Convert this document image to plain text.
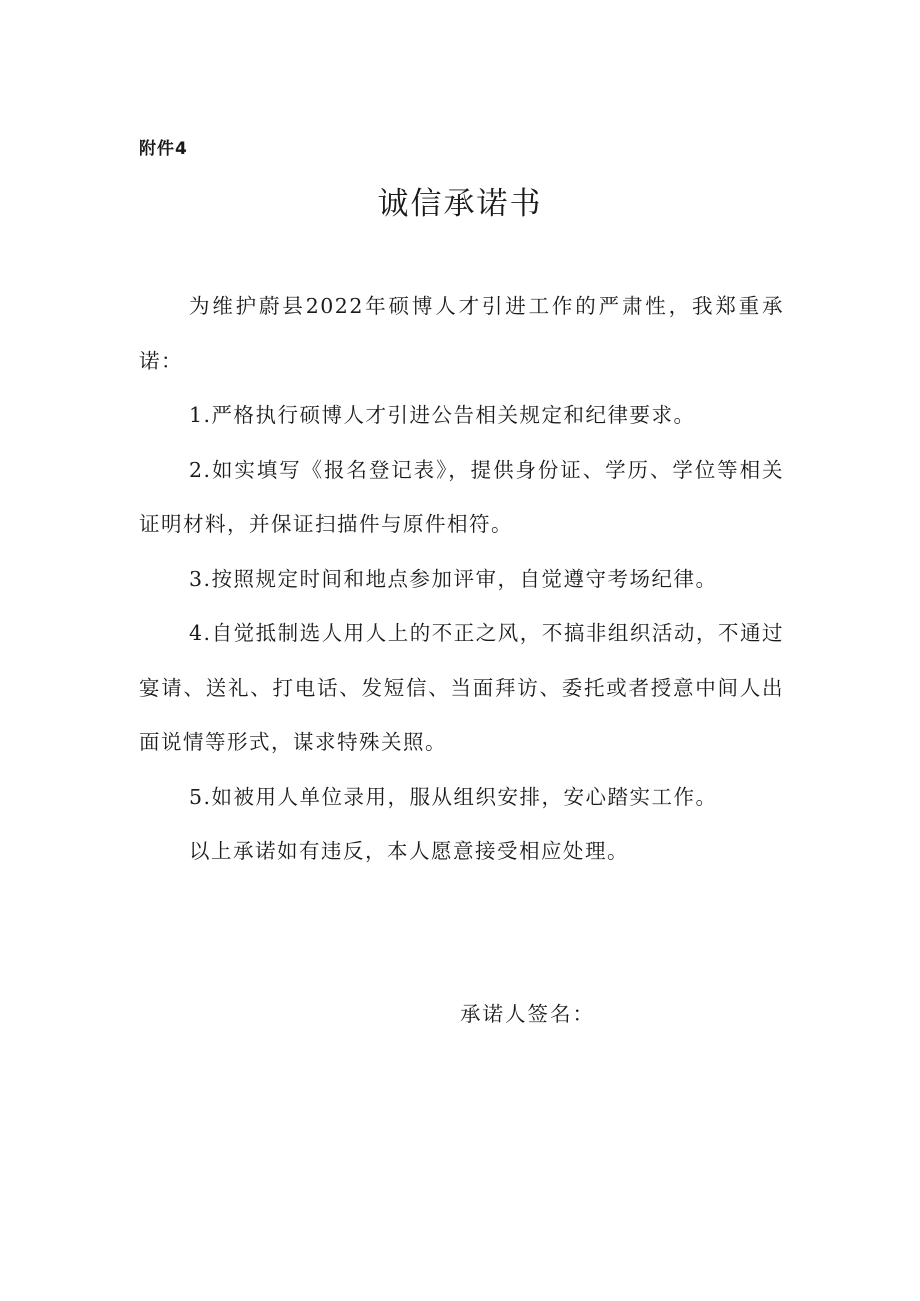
附件4
诚信承诺书

为维护蔚县2022年硕博人才引进工作的严肃性，我郑重承诺：

1.严格执行硕博人才引进公告相关规定和纪律要求。

2.如实填写《报名登记表》，提供身份证、学历、学位等相关证明材料，并保证扫描件与原件相符。

3.按照规定时间和地点参加评审，自觉遵守考场纪律。

4.自觉抵制选人用人上的不正之风，不搞非组织活动，不通过宴请、送礼、打电话、发短信、当面拜访、委托或者授意中间人出面说情等形式，谋求特殊关照。

5.如被用人单位录用，服从组织安排，安心踏实工作。

以上承诺如有违反，本人愿意接受相应处理。

承诺人签名：
